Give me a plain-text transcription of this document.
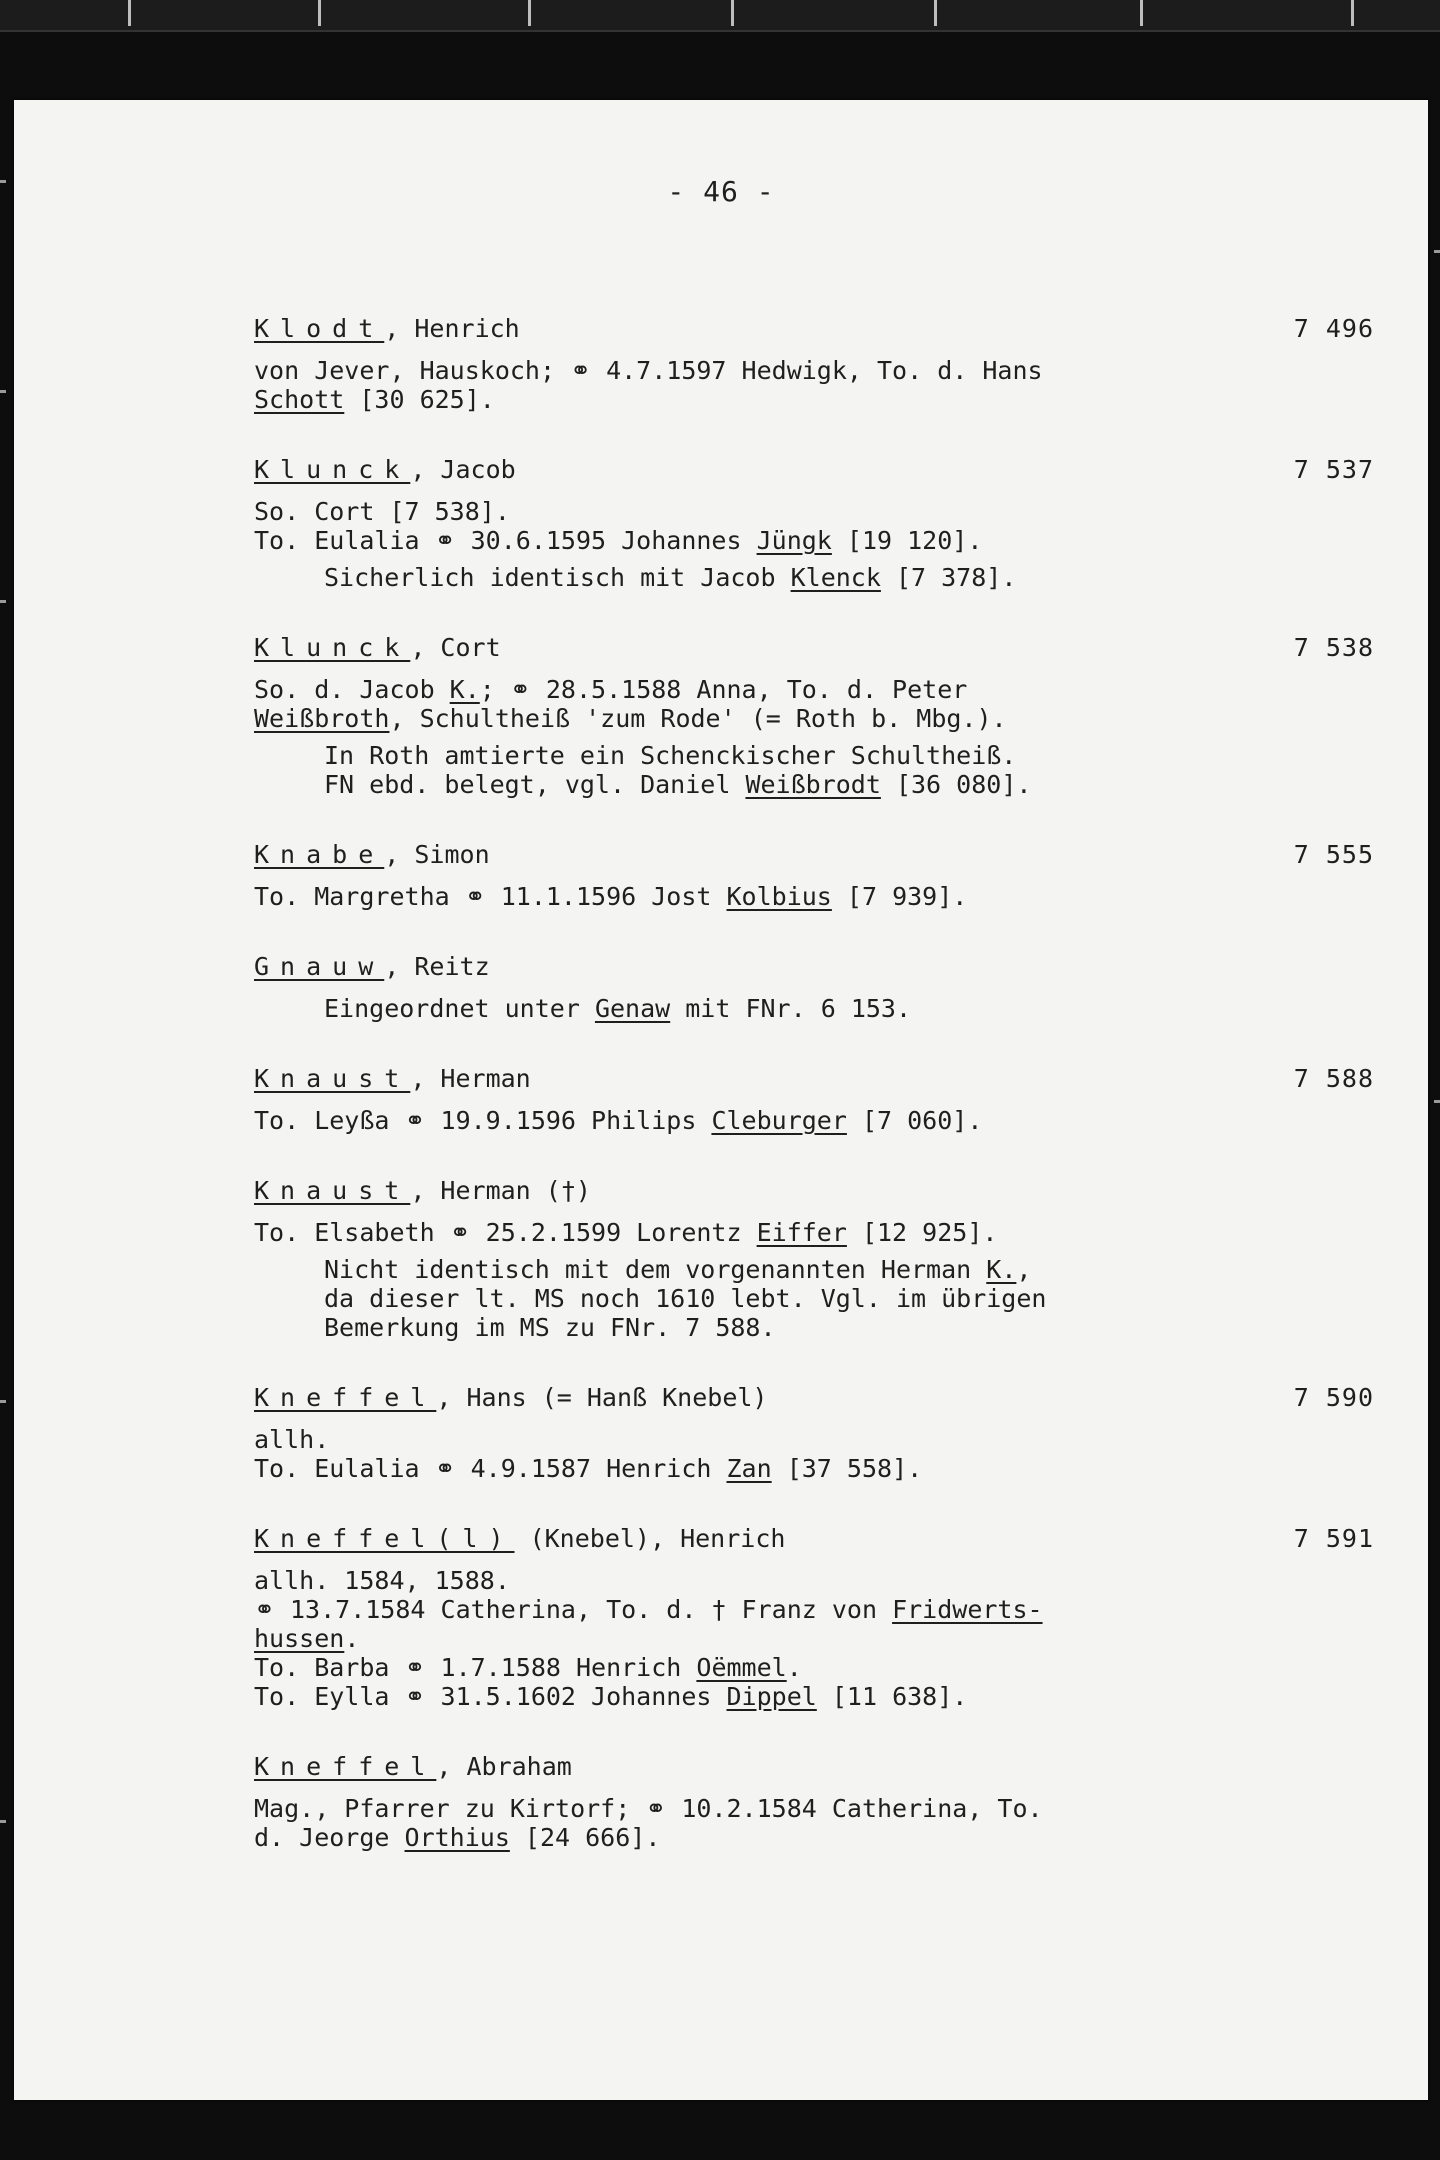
- 46 -
Klodt, Henrich	7 496
von Jever, Hauskoch; ⚭ 4.7.1597 Hedwigk, To. d. Hans
Schott [30 625].
Klunck, Jacob	7 537
So. Cort [7 538].
To. Eulalia ⚭ 30.6.1595 Johannes Jüngk [19 120].
Sicherlich identisch mit Jacob Klenck [7 378].
Klunck, Cort	7 538
So. d. Jacob K.; ⚭ 28.5.1588 Anna, To. d. Peter
Weißbroth, Schultheiß 'zum Rode' (= Roth b. Mbg.).
In Roth amtierte ein Schenckischer Schultheiß.
FN ebd. belegt, vgl. Daniel Weißbrodt [36 080].
Knabe, Simon	7 555
To. Margretha ⚭ 11.1.1596 Jost Kolbius [7 939].
Gnauw, Reitz
Eingeordnet unter Genaw mit FNr. 6 153.
Knaust, Herman	7 588
To. Leyßa ⚭ 19.9.1596 Philips Cleburger [7 060].
Knaust, Herman (†)
To. Elsabeth ⚭ 25.2.1599 Lorentz Eiffer [12 925].
Nicht identisch mit dem vorgenannten Herman K.,
da dieser lt. MS noch 1610 lebt. Vgl. im übrigen
Bemerkung im MS zu FNr. 7 588.
Kneffel, Hans (= Hanß Knebel)	7 590
allh.
To. Eulalia ⚭ 4.9.1587 Henrich Zan [37 558].
Kneffel(l) (Knebel), Henrich	7 591
allh. 1584, 1588.
⚭ 13.7.1584 Catherina, To. d. † Franz von Fridwerts-
hussen.
To. Barba ⚭ 1.7.1588 Henrich Oëmmel.
To. Eylla ⚭ 31.5.1602 Johannes Dippel [11 638].
Kneffel, Abraham
Mag., Pfarrer zu Kirtorf; ⚭ 10.2.1584 Catherina, To.
d. Jeorge Orthius [24 666].
